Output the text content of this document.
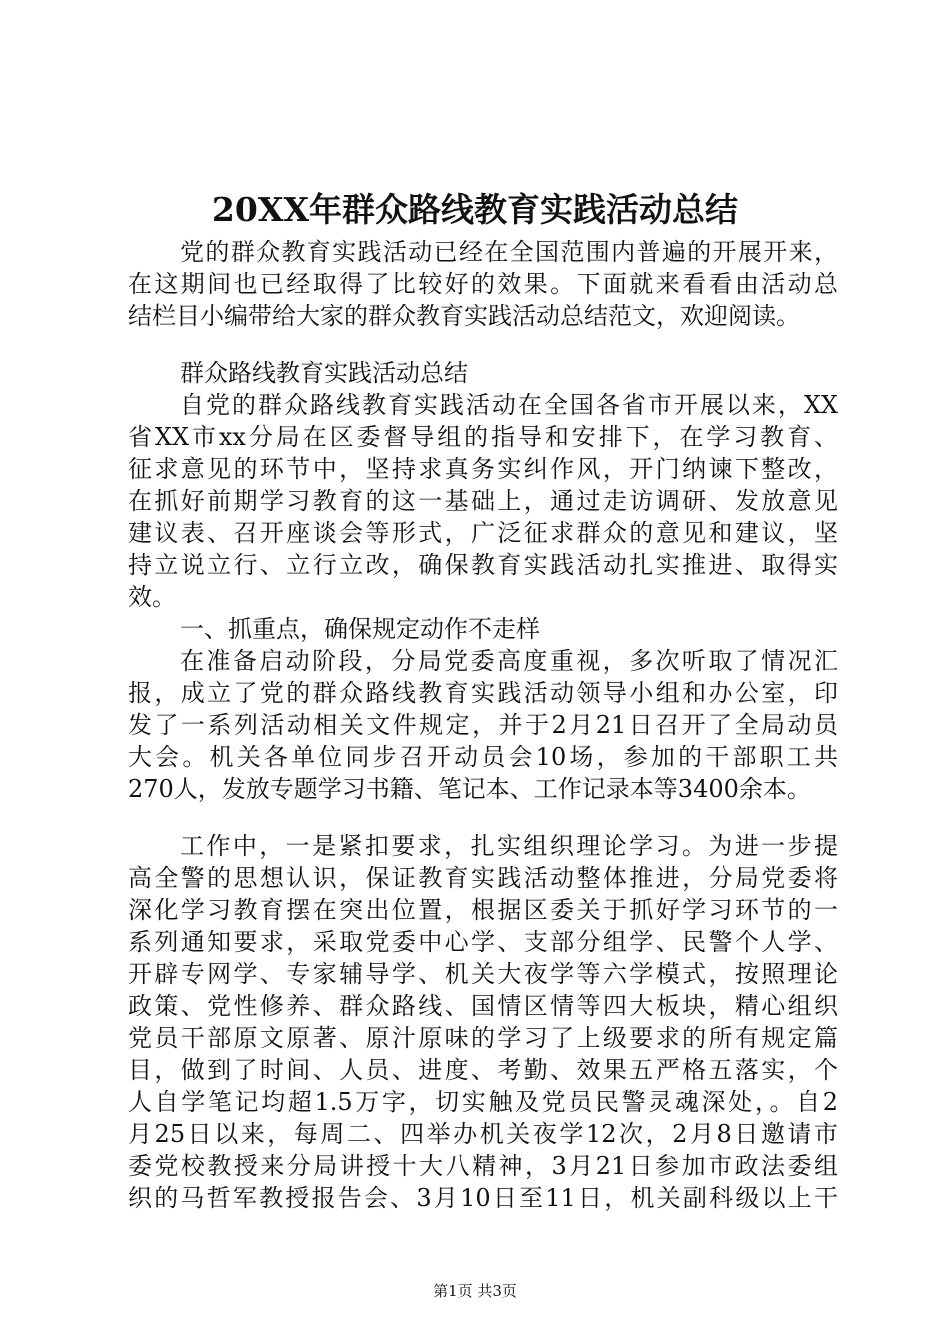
20XX年群众路线教育实践活动总结
党的群众教育实践活动已经在全国范围内普遍的开展开来，
在这期间也已经取得了比较好的效果。下面就来看看由活动总
结栏目小编带给大家的群众教育实践活动总结范文，欢迎阅读。
群众路线教育实践活动总结
自党的群众路线教育实践活动在全国各省市开展以来，XX
省XX市xx分局在区委督导组的指导和安排下，在学习教育、
征求意见的环节中，坚持求真务实纠作风，开门纳谏下整改，
在抓好前期学习教育的这一基础上，通过走访调研、发放意见
建议表、召开座谈会等形式，广泛征求群众的意见和建议，坚
持立说立行、立行立改，确保教育实践活动扎实推进、取得实
效。
一、抓重点，确保规定动作不走样
在准备启动阶段，分局党委高度重视，多次听取了情况汇
报，成立了党的群众路线教育实践活动领导小组和办公室，印
发了一系列活动相关文件规定，并于2月21日召开了全局动员
大会。机关各单位同步召开动员会10场，参加的干部职工共
270人，发放专题学习书籍、笔记本、工作记录本等3400余本。
工作中，一是紧扣要求，扎实组织理论学习。为进一步提
高全警的思想认识，保证教育实践活动整体推进，分局党委将
深化学习教育摆在突出位置，根据区委关于抓好学习环节的一
系列通知要求，采取党委中心学、支部分组学、民警个人学、
开辟专网学、专家辅导学、机关大夜学等六学模式，按照理论
政策、党性修养、群众路线、国情区情等四大板块，精心组织
党员干部原文原著、原汁原味的学习了上级要求的所有规定篇
目，做到了时间、人员、进度、考勤、效果五严格五落实，个
人自学笔记均超1.5万字，切实触及党员民警灵魂深处，。自2
月25日以来，每周二、四举办机关夜学12次，2月8日邀请市
委党校教授来分局讲授十大八精神，3月21日参加市政法委组
织的马哲军教授报告会、3月10日至11日，机关副科级以上干
第1页 共3页
